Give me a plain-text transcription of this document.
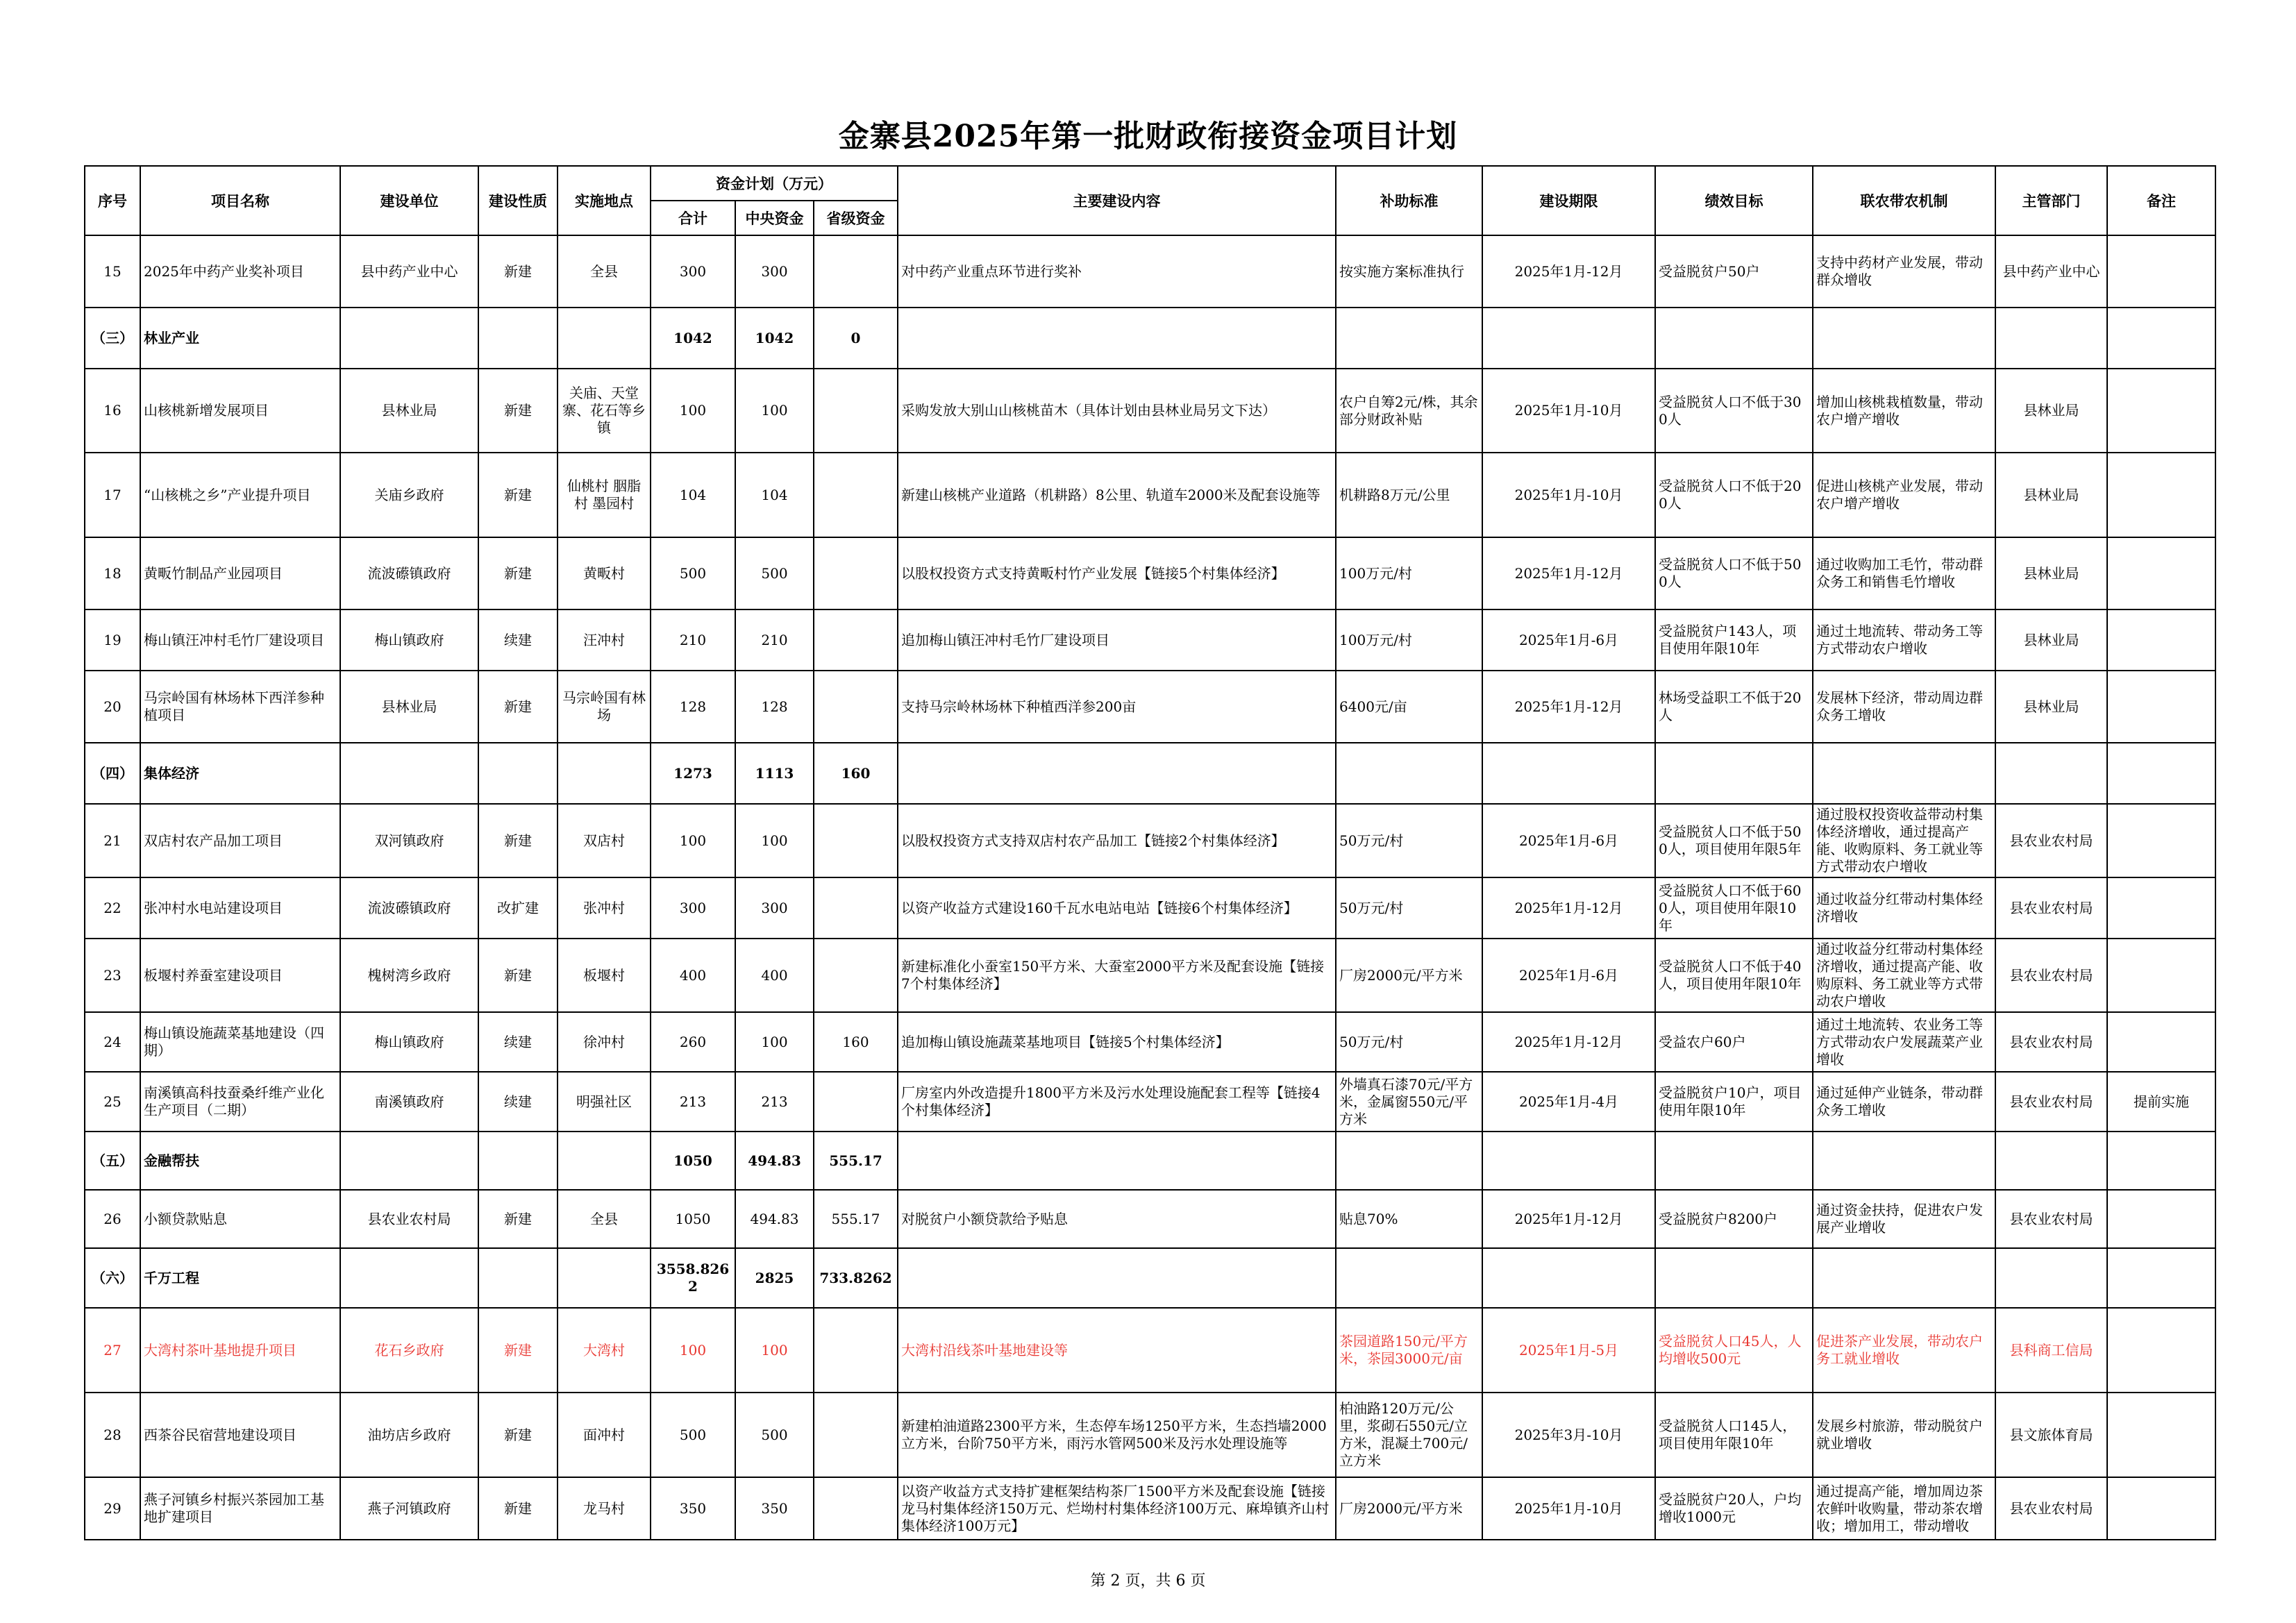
金寨县2025年第一批财政衔接资金项目计划
序号	项目名称	建设单位	建设性质	实施地点	资金计划（万元）			主要建设内容	补助标准	建设期限	绩效目标	联农带农机制	主管部门	备注
					合计	中央资金	省级资金							
15	2025年中药产业奖补项目	县中药产业中心	新建	全县	300	300		对中药产业重点环节进行奖补	按实施方案标准执行	2025年1月-12月	受益脱贫户50户	支持中药材产业发展，带动群众增收	县中药产业中心	
（三）	林业产业				1042	1042	0							
16	山核桃新增发展项目	县林业局	新建	关庙、天堂寨、花石等乡镇	100	100		采购发放大别山山核桃苗木（具体计划由县林业局另文下达）	农户自筹2元/株，其余部分财政补贴	2025年1月-10月	受益脱贫人口不低于300人	增加山核桃栽植数量，带动农户增产增收	县林业局	
17	“山核桃之乡”产业提升项目	关庙乡政府	新建	仙桃村 胭脂村 墨园村	104	104		新建山核桃产业道路（机耕路）8公里、轨道车2000米及配套设施等	机耕路8万元/公里	2025年1月-10月	受益脱贫人口不低于200人	促进山核桃产业发展，带动农户增产增收	县林业局	
18	黄畈竹制品产业园项目	流波礤镇政府	新建	黄畈村	500	500		以股权投资方式支持黄畈村竹产业发展【链接5个村集体经济】	100万元/村	2025年1月-12月	受益脱贫人口不低于500人	通过收购加工毛竹，带动群众务工和销售毛竹增收	县林业局	
19	梅山镇汪冲村毛竹厂建设项目	梅山镇政府	续建	汪冲村	210	210		追加梅山镇汪冲村毛竹厂建设项目	100万元/村	2025年1月-6月	受益脱贫户143人，项目使用年限10年	通过土地流转、带动务工等方式带动农户增收	县林业局	
20	马宗岭国有林场林下西洋参种植项目	县林业局	新建	马宗岭国有林场	128	128		支持马宗岭林场林下种植西洋参200亩	6400元/亩	2025年1月-12月	林场受益职工不低于20人	发展林下经济，带动周边群众务工增收	县林业局	
（四）	集体经济				1273	1113	160							
21	双店村农产品加工项目	双河镇政府	新建	双店村	100	100		以股权投资方式支持双店村农产品加工【链接2个村集体经济】	50万元/村	2025年1月-6月	受益脱贫人口不低于500人，项目使用年限5年	通过股权投资收益带动村集体经济增收，通过提高产能、收购原料、务工就业等方式带动农户增收	县农业农村局	
22	张冲村水电站建设项目	流波礤镇政府	改扩建	张冲村	300	300		以资产收益方式建设160千瓦水电站电站【链接6个村集体经济】	50万元/村	2025年1月-12月	受益脱贫人口不低于600人，项目使用年限10年	通过收益分红带动村集体经济增收	县农业农村局	
23	板堰村养蚕室建设项目	槐树湾乡政府	新建	板堰村	400	400		新建标准化小蚕室150平方米、大蚕室2000平方米及配套设施【链接7个村集体经济】	厂房2000元/平方米	2025年1月-6月	受益脱贫人口不低于40人，项目使用年限10年	通过收益分红带动村集体经济增收，通过提高产能、收购原料、务工就业等方式带动农户增收	县农业农村局	
24	梅山镇设施蔬菜基地建设（四期）	梅山镇政府	续建	徐冲村	260	100	160	追加梅山镇设施蔬菜基地项目【链接5个村集体经济】	50万元/村	2025年1月-12月	受益农户60户	通过土地流转、农业务工等方式带动农户发展蔬菜产业增收	县农业农村局	
25	南溪镇高科技蚕桑纤维产业化生产项目（二期）	南溪镇政府	续建	明强社区	213	213		厂房室内外改造提升1800平方米及污水处理设施配套工程等【链接4个村集体经济】	外墙真石漆70元/平方米，金属窗550元/平方米	2025年1月-4月	受益脱贫户10户，项目使用年限10年	通过延伸产业链条，带动群众务工增收	县农业农村局	提前实施
（五）	金融帮扶				1050	494.83	555.17							
26	小额贷款贴息	县农业农村局	新建	全县	1050	494.83	555.17	对脱贫户小额贷款给予贴息	贴息70%	2025年1月-12月	受益脱贫户8200户	通过资金扶持，促进农户发展产业增收	县农业农村局	
（六）	千万工程				3558.8262	2825	733.8262							
27	大湾村茶叶基地提升项目	花石乡政府	新建	大湾村	100	100		大湾村沿线茶叶基地建设等	茶园道路150元/平方米，茶园3000元/亩	2025年1月-5月	受益脱贫人口45人，人均增收500元	促进茶产业发展，带动农户务工就业增收	县科商工信局	
28	西茶谷民宿营地建设项目	油坊店乡政府	新建	面冲村	500	500		新建柏油道路2300平方米，生态停车场1250平方米，生态挡墙2000立方米，台阶750平方米，雨污水管网500米及污水处理设施等	柏油路120万元/公里，浆砌石550元/立方米，混凝土700元/立方米	2025年3月-10月	受益脱贫人口145人，项目使用年限10年	发展乡村旅游，带动脱贫户就业增收	县文旅体育局	
29	燕子河镇乡村振兴茶园加工基地扩建项目	燕子河镇政府	新建	龙马村	350	350		以资产收益方式支持扩建框架结构茶厂1500平方米及配套设施【链接龙马村集体经济150万元、烂坳村村集体经济100万元、麻埠镇齐山村集体经济100万元】	厂房2000元/平方米	2025年1月-10月	受益脱贫户20人，户均增收1000元	通过提高产能，增加周边茶农鲜叶收购量，带动茶农增收；增加用工，带动增收	县农业农村局	
第 2 页，共 6 页
